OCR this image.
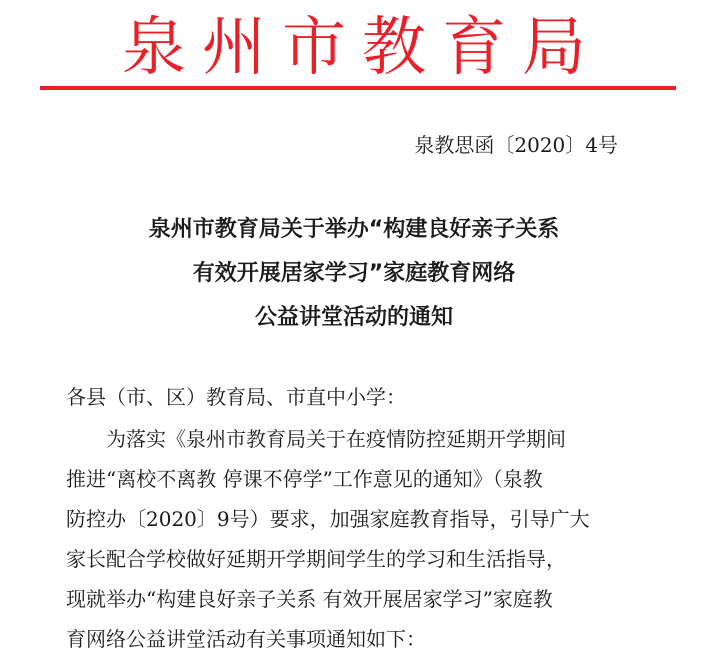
泉州市教育局
泉教思函〔2020〕4号
泉州市教育局关于举办“构建良好亲子关系
有效开展居家学习”家庭教育网络
公益讲堂活动的通知
各县（市、区）教育局、市直中小学：
为落实《泉州市教育局关于在疫情防控延期开学期间
推进“离校不离教 停课不停学”工作意见的通知》（泉教
防控办〔2020〕9号）要求，加强家庭教育指导，引导广大
家长配合学校做好延期开学期间学生的学习和生活指导，
现就举办“构建良好亲子关系 有效开展居家学习”家庭教
育网络公益讲堂活动有关事项通知如下：
